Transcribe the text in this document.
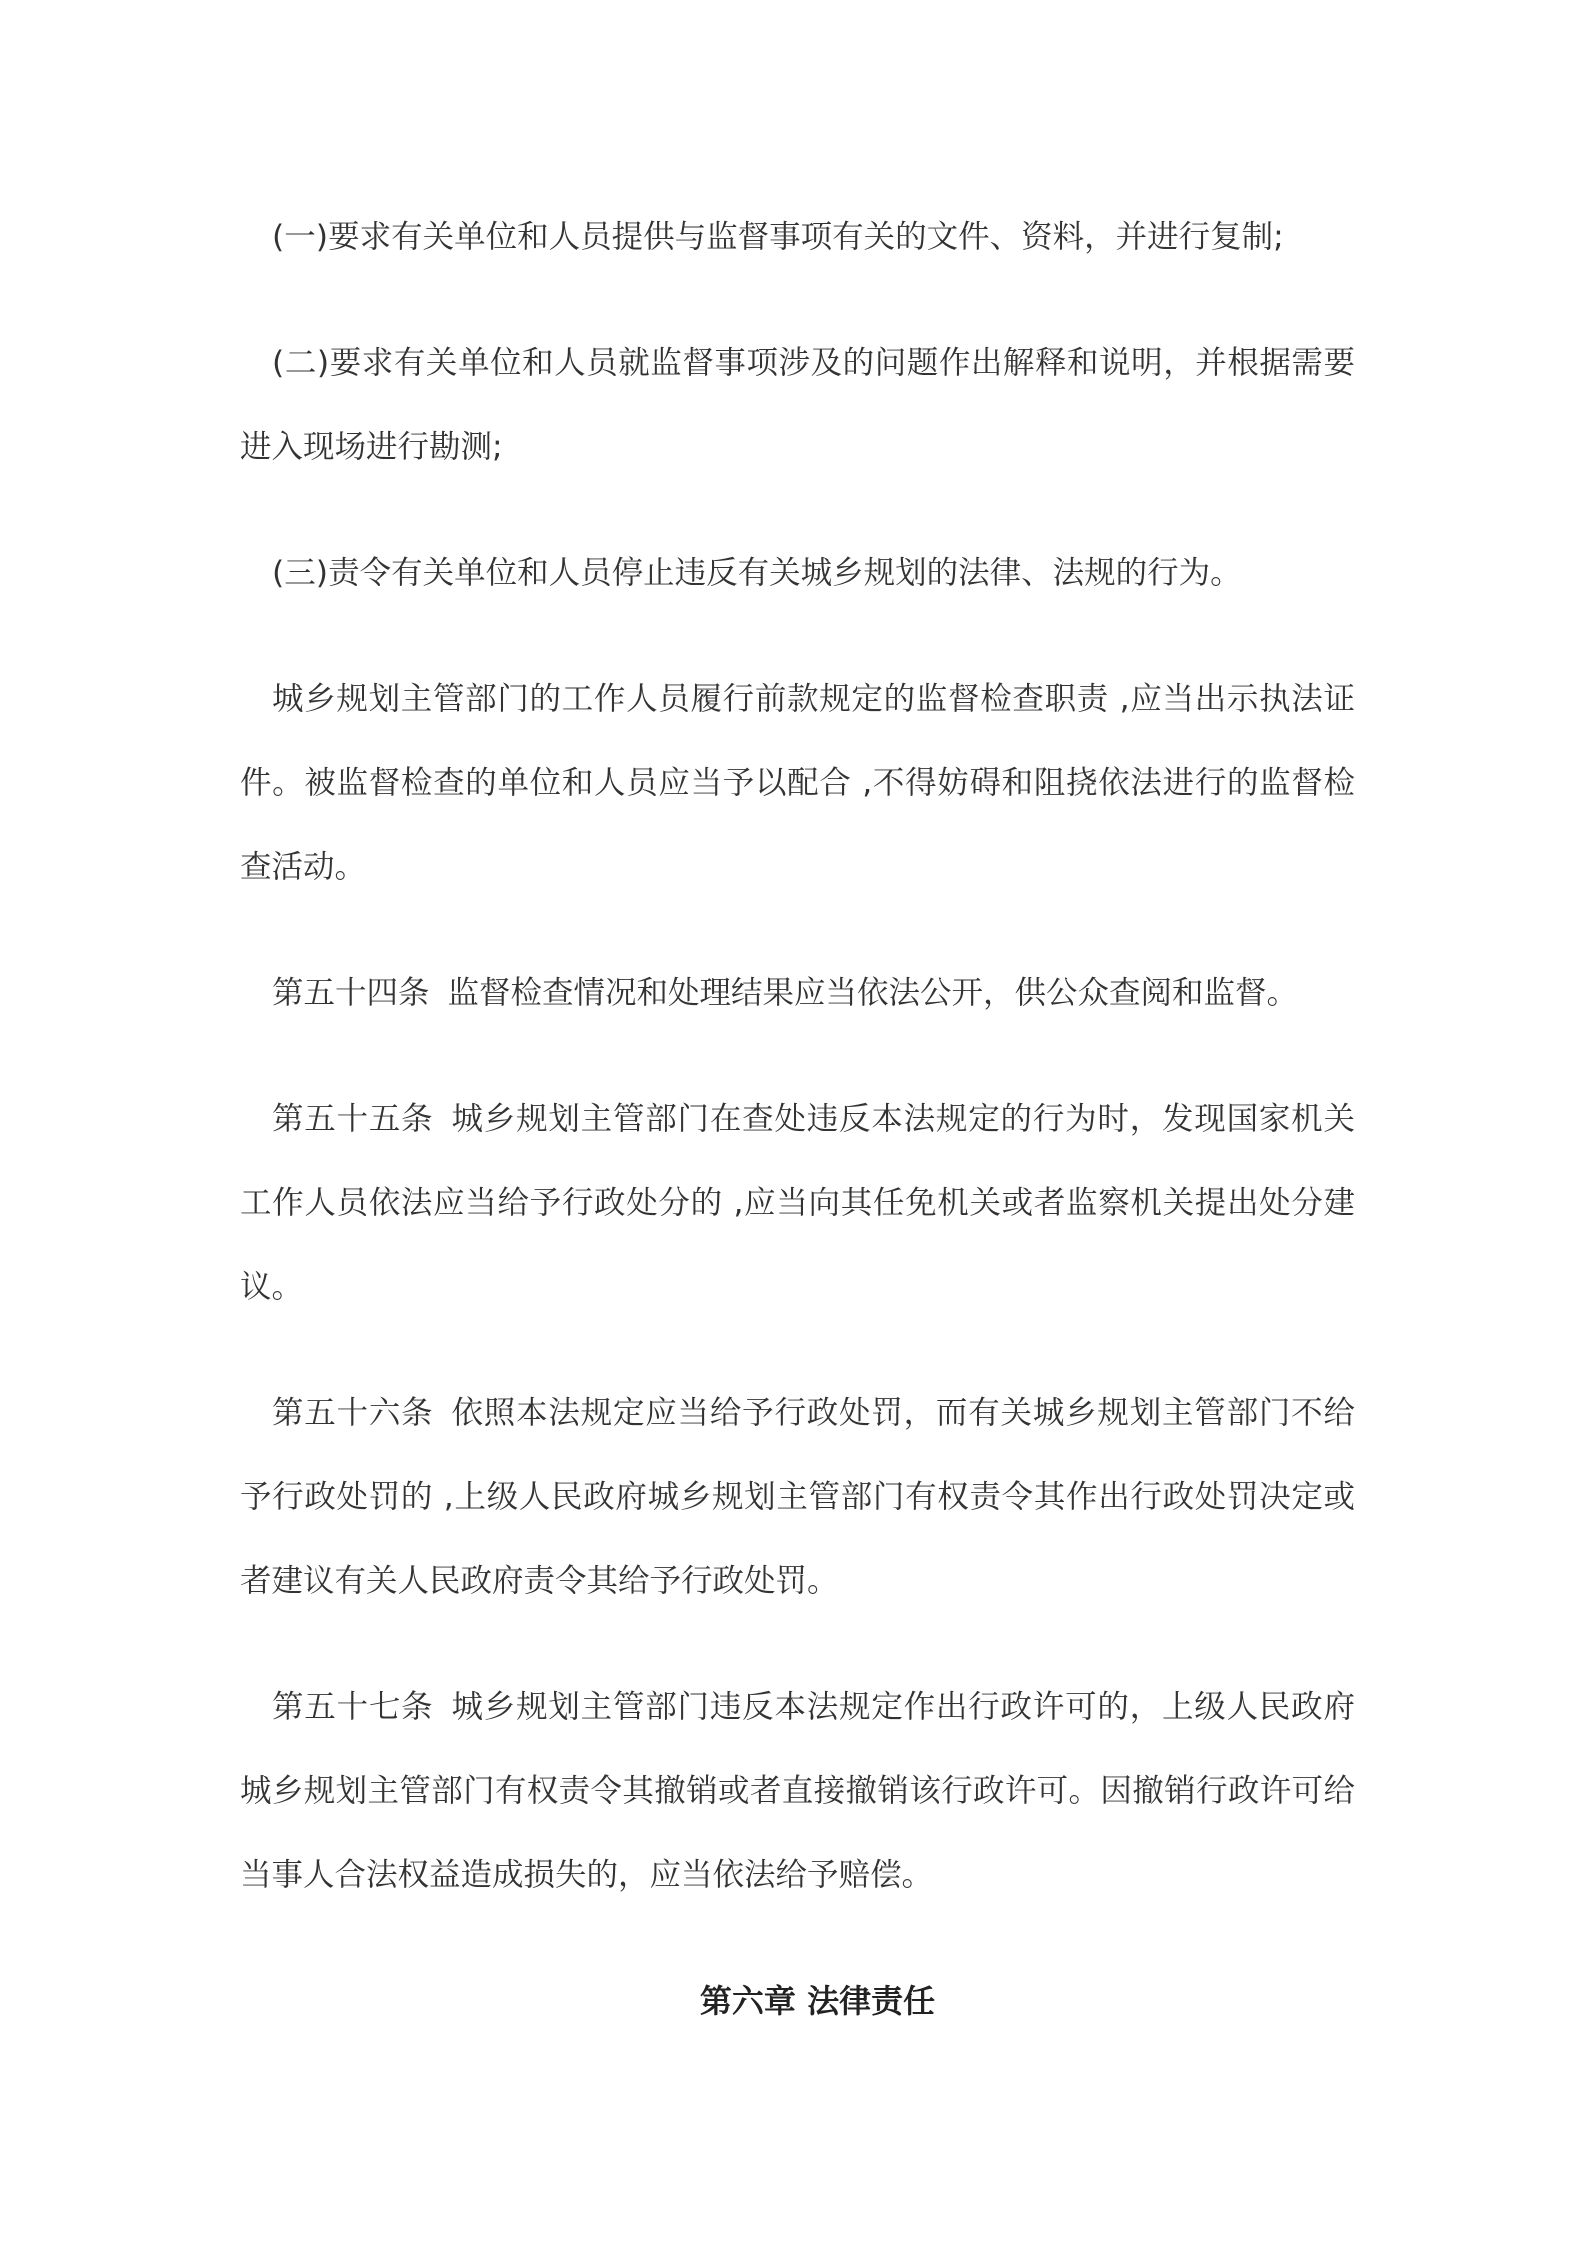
(一)要求有关单位和人员提供与监督事项有关的文件、资料，并进行复制;

(二)要求有关单位和人员就监督事项涉及的问题作出解释和说明，并根据需要进入现场进行勘测;

(三)责令有关单位和人员停止违反有关城乡规划的法律、法规的行为。

城乡规划主管部门的工作人员履行前款规定的监督检查职责 ,应当出示执法证件。被监督检查的单位和人员应当予以配合 ,不得妨碍和阻挠依法进行的监督检查活动。

第五十四条 监督检查情况和处理结果应当依法公开，供公众查阅和监督。

第五十五条 城乡规划主管部门在查处违反本法规定的行为时，发现国家机关工作人员依法应当给予行政处分的 ,应当向其任免机关或者监察机关提出处分建议。

第五十六条 依照本法规定应当给予行政处罚，而有关城乡规划主管部门不给予行政处罚的 ,上级人民政府城乡规划主管部门有权责令其作出行政处罚决定或者建议有关人民政府责令其给予行政处罚。

第五十七条 城乡规划主管部门违反本法规定作出行政许可的，上级人民政府城乡规划主管部门有权责令其撤销或者直接撤销该行政许可。因撤销行政许可给当事人合法权益造成损失的，应当依法给予赔偿。

第六章 法律责任
